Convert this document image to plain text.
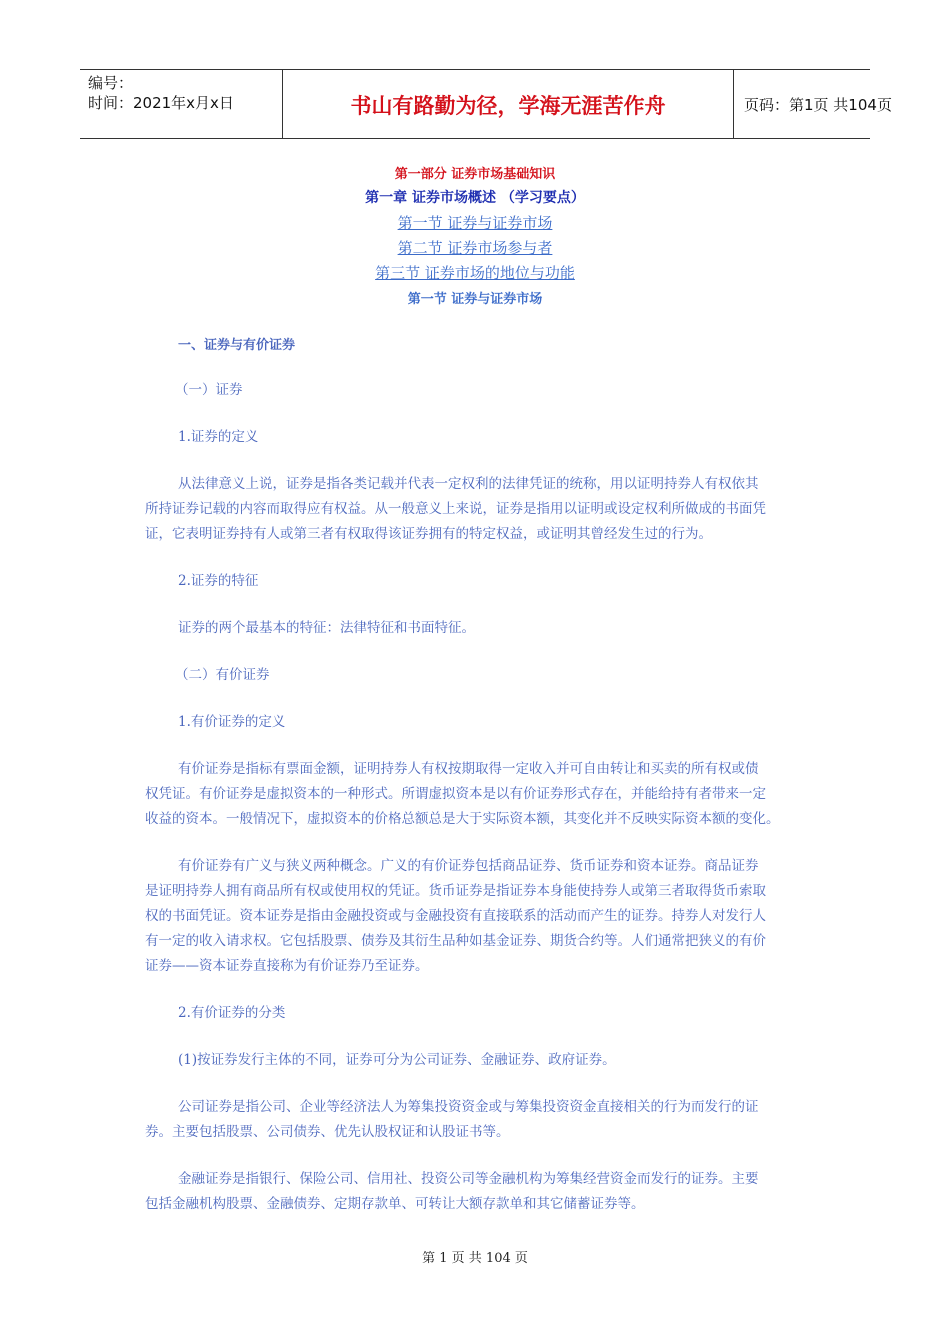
编号：
时间：2021年x月x日	书山有路勤为径，学海无涯苦作舟	页码：第1页 共104页
第一部分 证券市场基础知识
第一章 证券市场概述 （学习要点）
第一节 证券与证券市场
第二节 证券市场参与者
第三节 证券市场的地位与功能
第一节 证券与证券市场
一、证券与有价证券
（一）证券
1.证券的定义
从法律意义上说，证券是指各类记载并代表一定权利的法律凭证的统称，用以证明持券人有权依其
所持证券记载的内容而取得应有权益。从一般意义上来说，证券是指用以证明或设定权利所做成的书面凭
证，它表明证券持有人或第三者有权取得该证券拥有的特定权益，或证明其曾经发生过的行为。
2.证券的特征
证券的两个最基本的特征：法律特征和书面特征。
（二）有价证券
1.有价证券的定义
有价证券是指标有票面金额，证明持券人有权按期取得一定收入并可自由转让和买卖的所有权或债
权凭证。有价证券是虚拟资本的一种形式。所谓虚拟资本是以有价证券形式存在，并能给持有者带来一定
收益的资本。一般情况下，虚拟资本的价格总额总是大于实际资本额，其变化并不反映实际资本额的变化。
有价证券有广义与狭义两种概念。广义的有价证券包括商品证券、货币证券和资本证券。商品证券
是证明持券人拥有商品所有权或使用权的凭证。货币证券是指证券本身能使持券人或第三者取得货币索取
权的书面凭证。资本证券是指由金融投资或与金融投资有直接联系的活动而产生的证券。持券人对发行人
有一定的收入请求权。它包括股票、债券及其衍生品种如基金证券、期货合约等。人们通常把狭义的有价
证券——资本证券直接称为有价证券乃至证券。
2.有价证券的分类
(1)按证券发行主体的不同，证券可分为公司证券、金融证券、政府证券。
公司证券是指公司、企业等经济法人为筹集投资资金或与筹集投资资金直接相关的行为而发行的证
券。主要包括股票、公司债券、优先认股权证和认股证书等。
金融证券是指银行、保险公司、信用社、投资公司等金融机构为筹集经营资金而发行的证券。主要
包括金融机构股票、金融债券、定期存款单、可转让大额存款单和其它储蓄证券等。
第 1 页 共 104 页
